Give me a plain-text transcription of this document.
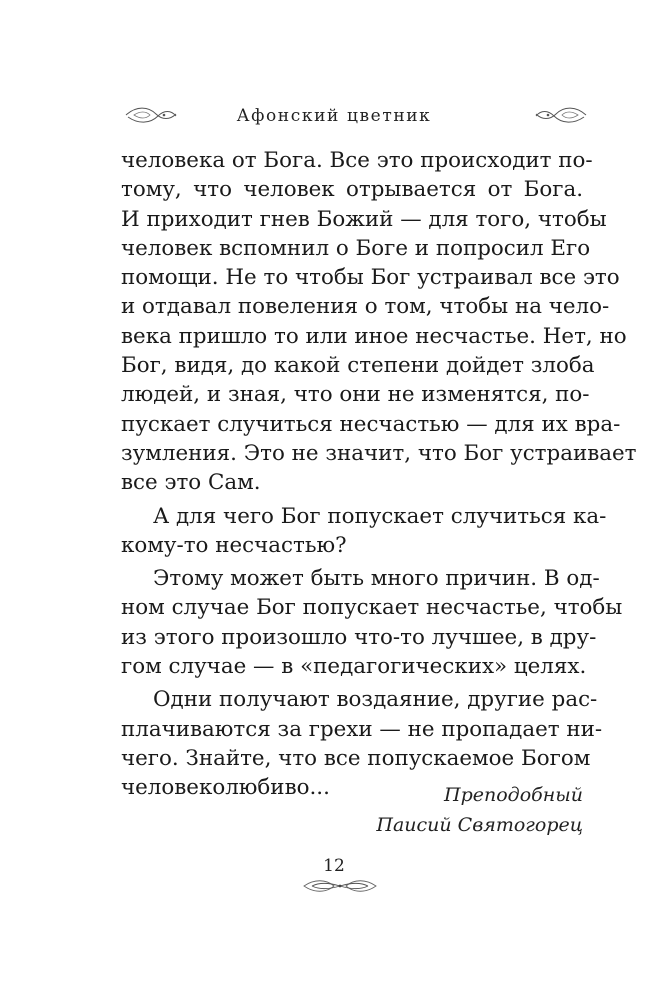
Афонский цветник
человека от Бога. Все это происходит по-
тому, что человек отрывается от Бога.
И приходит гнев Божий — для того, чтобы
человек вспомнил о Боге и попросил Его
помощи. Не то чтобы Бог устраивал все это
и отдавал повеления о том, чтобы на чело-
века пришло то или иное несчастье. Нет, но
Бог, видя, до какой степени дойдет злоба
людей, и зная, что они не изменятся, по-
пускает случиться несчастью — для их вра-
зумления. Это не значит, что Бог устраивает
все это Сам.
А для чего Бог попускает случиться ка-
кому-то несчастью?
Этому может быть много причин. В од-
ном случае Бог попускает несчастье, чтобы
из этого произошло что-то лучшее, в дру-
гом случае — в «педагогических» целях.
Одни получают воздаяние, другие рас-
плачиваются за грехи — не пропадает ни-
чего. Знайте, что все попускаемое Богом
человеколюбиво...	Преподобный
Паисий Святогорец
12
